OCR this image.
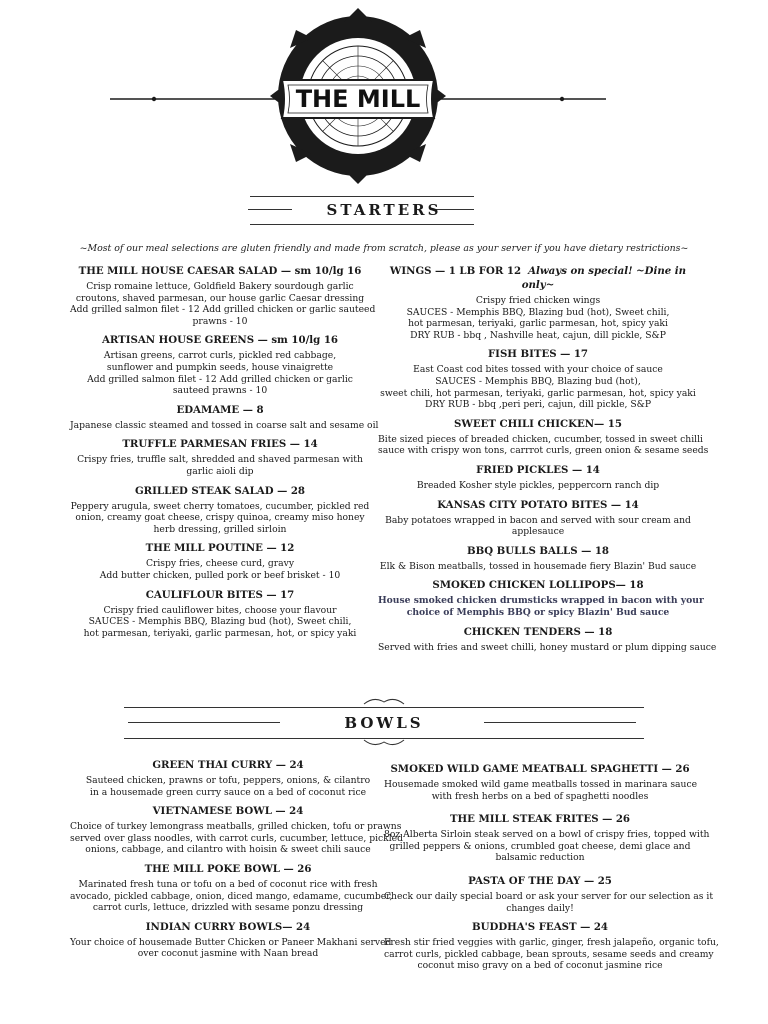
THE MILL
STARTERS
~Most of our meal selections are gluten friendly and made from scratch, please as your server if you have dietary restrictions~
THE MILL HOUSE CAESAR SALAD — sm 10/lg 16
Crisp romaine lettuce, Goldfield Bakery sourdough garlic
croutons, shaved parmesan, our house garlic Caesar dressing
Add grilled salmon filet - 12 Add grilled chicken or garlic sauteed
prawns - 10
ARTISAN HOUSE GREENS — sm 10/lg 16
Artisan greens, carrot curls, pickled red cabbage,
sunflower and pumpkin seeds, house vinaigrette
Add grilled salmon filet - 12 Add grilled chicken or garlic
sauteed prawns - 10
EDAMAME — 8
Japanese classic steamed and tossed in coarse salt and sesame oil
TRUFFLE PARMESAN FRIES — 14
Crispy fries, truffle salt, shredded and shaved parmesan with
garlic aioli dip
GRILLED STEAK SALAD — 28
Peppery arugula, sweet cherry tomatoes, cucumber, pickled red
onion, creamy goat cheese, crispy quinoa, creamy miso honey
herb dressing, grilled sirloin
THE MILL POUTINE — 12
Crispy fries, cheese curd, gravy
Add butter chicken, pulled pork or beef brisket - 10
CAULIFLOUR BITES — 17
Crispy fried cauliflower bites, choose your flavour
SAUCES - Memphis BBQ, Blazing bud (hot), Sweet chili,
hot parmesan, teriyaki, garlic parmesan, hot, or spicy yaki
WINGS — 1 LB FOR 12 Always on special! ~Dine in only~
Crispy fried chicken wings
SAUCES - Memphis BBQ, Blazing bud (hot), Sweet chili,
hot parmesan, teriyaki, garlic parmesan, hot, spicy yaki
DRY RUB - bbq , Nashville heat, cajun, dill pickle, S&P
FISH BITES — 17
East Coast cod bites tossed with your choice of sauce
SAUCES - Memphis BBQ, Blazing bud (hot),
sweet chili, hot parmesan, teriyaki, garlic parmesan, hot, spicy yaki
DRY RUB - bbq ,peri peri, cajun, dill pickle, S&P
SWEET CHILI CHICKEN— 15
Bite sized pieces of breaded chicken, cucumber, tossed in sweet chilli
sauce with crispy won tons, carrrot curls, green onion & sesame seeds
FRIED PICKLES — 14
Breaded Kosher style pickles, peppercorn ranch dip
KANSAS CITY POTATO BITES — 14
Baby potatoes wrapped in bacon and served with sour cream and
applesauce
BBQ BULLS BALLS — 18
Elk & Bison meatballs, tossed in housemade fiery Blazin' Bud sauce
SMOKED CHICKEN LOLLIPOPS— 18
House smoked chicken drumsticks wrapped in bacon with your
choice of Memphis BBQ or spicy Blazin' Bud sauce
CHICKEN TENDERS — 18
Served with fries and sweet chilli, honey mustard or plum dipping sauce
BOWLS
GREEN THAI CURRY — 24
Sauteed chicken, prawns or tofu, peppers, onions, & cilantro
in a housemade green curry sauce on a bed of coconut rice
VIETNAMESE BOWL — 24
Choice of turkey lemongrass meatballs, grilled chicken, tofu or prawns
served over glass noodles, with carrot curls, cucumber, lettuce, pickled
onions, cabbage, and cilantro with hoisin & sweet chili sauce
THE MILL POKE BOWL — 26
Marinated fresh tuna or tofu on a bed of coconut rice with fresh
avocado, pickled cabbage, onion, diced mango, edamame, cucumber,
carrot curls, lettuce, drizzled with sesame ponzu dressing
INDIAN CURRY BOWLS— 24
Your choice of housemade Butter Chicken or Paneer Makhani served
over coconut jasmine with Naan bread
SMOKED WILD GAME MEATBALL SPAGHETTI — 26
Housemade smoked wild game meatballs tossed in marinara sauce
with fresh herbs on a bed of spaghetti noodles
THE MILL STEAK FRITES — 26
8oz Alberta Sirloin steak served on a bowl of crispy fries, topped with
grilled peppers & onions, crumbled goat cheese, demi glace and
balsamic reduction
PASTA OF THE DAY — 25
Check our daily special board or ask your server for our selection as it
changes daily!
BUDDHA'S FEAST — 24
Fresh stir fried veggies with garlic, ginger, fresh jalapeño, organic tofu,
carrot curls, pickled cabbage, bean sprouts, sesame seeds and creamy
coconut miso gravy on a bed of coconut jasmine rice
